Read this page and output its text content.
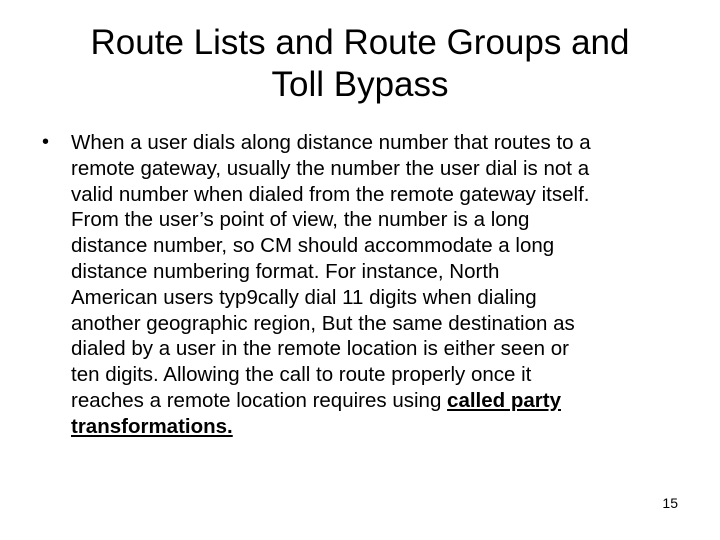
Route Lists and Route Groups and
Toll Bypass
• When a user dials along distance number that routes to a
remote gateway, usually the number the user dial is not a
valid number when dialed from the remote gateway itself.
From the user’s point of view, the number is a long
distance number, so CM should accommodate a long
distance numbering format. For instance, North
American users typ9cally dial 11 digits when dialing
another geographic region, But the same destination as
dialed by a user in the remote location is either seen or
ten digits. Allowing the call to route properly once it
reaches a remote location requires using called party
transformations.
15
